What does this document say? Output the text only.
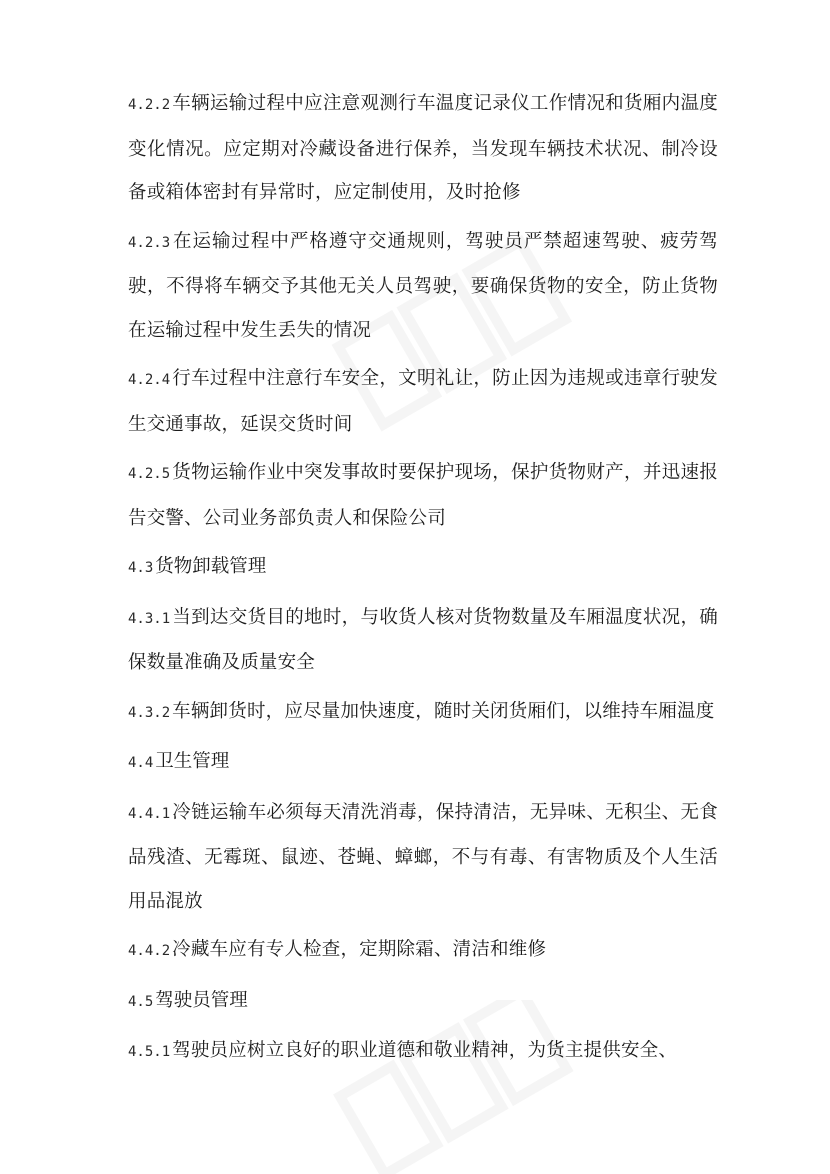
4.2.2 车辆运输过程中应注意观测行车温度记录仪工作情况和货厢内温度变化情况。应定期对冷藏设备进行保养，当发现车辆技术状况、制冷设备或箱体密封有异常时，应定制使用，及时抢修

4.2.3 在运输过程中严格遵守交通规则，驾驶员严禁超速驾驶、疲劳驾驶，不得将车辆交予其他无关人员驾驶，要确保货物的安全，防止货物在运输过程中发生丢失的情况

4.2.4 行车过程中注意行车安全，文明礼让，防止因为违规或违章行驶发生交通事故，延误交货时间

4.2.5 货物运输作业中突发事故时要保护现场，保护货物财产，并迅速报告交警、公司业务部负责人和保险公司

4.3 货物卸载管理

4.3.1 当到达交货目的地时，与收货人核对货物数量及车厢温度状况，确保数量准确及质量安全

4.3.2 车辆卸货时，应尽量加快速度，随时关闭货厢们，以维持车厢温度

4.4 卫生管理

4.4.1 冷链运输车必须每天清洗消毒，保持清洁，无异味、无积尘、无食品残渣、无霉斑、鼠迹、苍蝇、蟑螂，不与有毒、有害物质及个人生活用品混放

4.4.2 冷藏车应有专人检查，定期除霜、清洁和维修

4.5 驾驶员管理

4.5.1 驾驶员应树立良好的职业道德和敬业精神，为货主提供安全、
